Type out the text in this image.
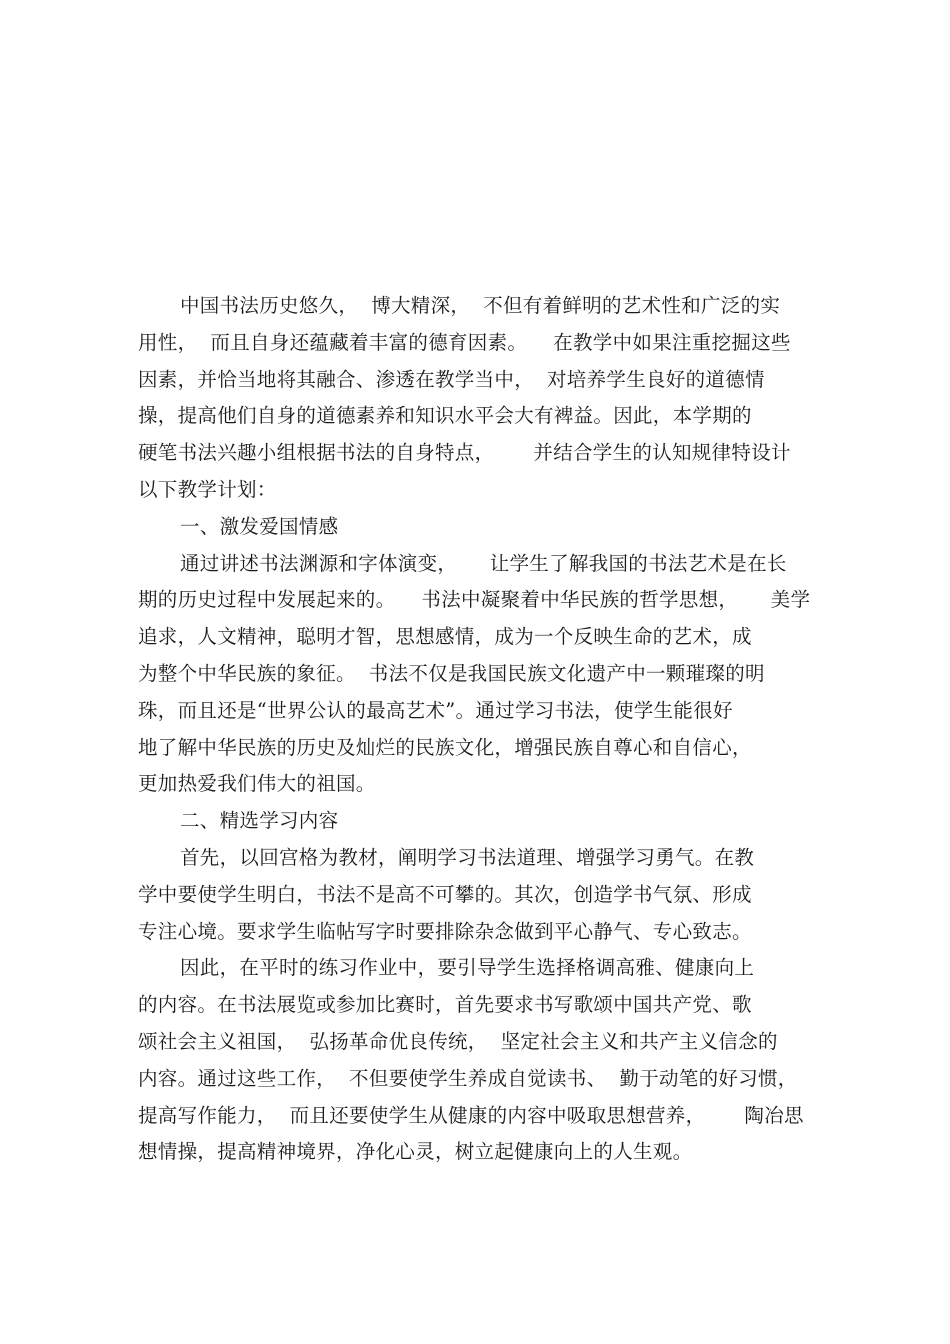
中国书法历史悠久，  博大精深，  不但有着鲜明的艺术性和广泛的实
用性，  而且自身还蕴藏着丰富的德育因素。    在教学中如果注重挖掘这些
因素，并恰当地将其融合、渗透在教学当中，  对培养学生良好的道德情
操，提高他们自身的道德素养和知识水平会大有裨益。因此，本学期的
硬笔书法兴趣小组根据书法的自身特点，      并结合学生的认知规律特设计
以下教学计划：
一、激发爱国情感
通过讲述书法渊源和字体演变，     让学生了解我国的书法艺术是在长
期的历史过程中发展起来的。    书法中凝聚着中华民族的哲学思想，     美学
追求，人文精神，聪明才智，思想感情，成为一个反映生命的艺术，成
为整个中华民族的象征。  书法不仅是我国民族文化遗产中一颗璀璨的明
珠，而且还是“世界公认的最高艺术”。通过学习书法，使学生能很好
地了解中华民族的历史及灿烂的民族文化，增强民族自尊心和自信心，
更加热爱我们伟大的祖国。
二、精选学习内容
首先，以回宫格为教材，阐明学习书法道理、增强学习勇气。在教
学中要使学生明白，书法不是高不可攀的。其次，创造学书气氛、形成
专注心境。要求学生临帖写字时要排除杂念做到平心静气、专心致志。
因此，在平时的练习作业中，要引导学生选择格调高雅、健康向上
的内容。在书法展览或参加比赛时，首先要求书写歌颂中国共产党、歌
颂社会主义祖国，  弘扬革命优良传统，  坚定社会主义和共产主义信念的
内容。通过这些工作，  不但要使学生养成自觉读书、  勤于动笔的好习惯，
提高写作能力，  而且还要使学生从健康的内容中吸取思想营养，      陶冶思
想情操，提高精神境界，净化心灵，树立起健康向上的人生观。
